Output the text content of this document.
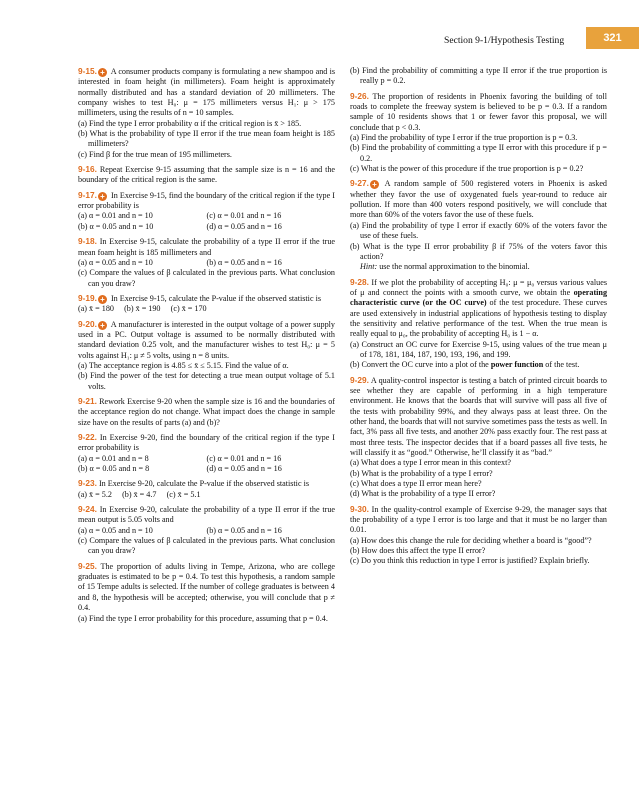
Section 9-1/Hypothesis Testing	321
9-15. + A consumer products company is formulating a new shampoo and is interested in foam height (in millimeters). Foam height is approximately normally distributed and has a standard deviation of 20 millimeters. The company wishes to test H₀: μ = 175 millimeters versus H₁: μ > 175 millimeters, using the results of n = 10 samples.
(a) Find the type I error probability α if the critical region is x̄ > 185.
(b) What is the probability of type II error if the true mean foam height is 185 millimeters?
(c) Find β for the true mean of 195 millimeters.
9-16. Repeat Exercise 9-15 assuming that the sample size is n = 16 and the boundary of the critical region is the same.
9-17. + In Exercise 9-15, find the boundary of the critical region if the type I error probability is
(a) α = 0.01 and n = 10	(c) α = 0.01 and n = 16
(b) α = 0.05 and n = 10	(d) α = 0.05 and n = 16
9-18. In Exercise 9-15, calculate the probability of a type II error if the true mean foam height is 185 millimeters and
(a) α = 0.05 and n = 10	(b) α = 0.05 and n = 16
(c) Compare the values of β calculated in the previous parts. What conclusion can you draw?
9-19. + In Exercise 9-15, calculate the P-value if the observed statistic is
(a) x̄ = 180     (b) x̄ = 190     (c) x̄ = 170
9-20. + A manufacturer is interested in the output voltage of a power supply used in a PC. Output voltage is assumed to be normally distributed with standard deviation 0.25 volt, and the manufacturer wishes to test H₀: μ = 5 volts against H₁: μ ≠ 5 volts, using n = 8 units.
(a) The acceptance region is 4.85 ≤ x̄ ≤ 5.15. Find the value of α.
(b) Find the power of the test for detecting a true mean output voltage of 5.1 volts.
9-21. Rework Exercise 9-20 when the sample size is 16 and the boundaries of the acceptance region do not change. What impact does the change in sample size have on the results of parts (a) and (b)?
9-22. In Exercise 9-20, find the boundary of the critical region if the type I error probability is
(a) α = 0.01 and n = 8	(c) α = 0.01 and n = 16
(b) α = 0.05 and n = 8	(d) α = 0.05 and n = 16
9-23. In Exercise 9-20, calculate the P-value if the observed statistic is
(a) x̄ = 5.2     (b) x̄ = 4.7     (c) x̄ = 5.1
9-24. In Exercise 9-20, calculate the probability of a type II error if the true mean output is 5.05 volts and
(a) α = 0.05 and n = 10	(b) α = 0.05 and n = 16
(c) Compare the values of β calculated in the previous parts. What conclusion can you draw?
9-25. The proportion of adults living in Tempe, Arizona, who are college graduates is estimated to be p = 0.4. To test this hypothesis, a random sample of 15 Tempe adults is selected. If the number of college graduates is between 4 and 8, the hypothesis will be accepted; otherwise, you will conclude that p ≠ 0.4.
(a) Find the type I error probability for this procedure, assuming that p = 0.4.
(b) Find the probability of committing a type II error if the true proportion is really p = 0.2.
9-26. The proportion of residents in Phoenix favoring the building of toll roads to complete the freeway system is believed to be p = 0.3. If a random sample of 10 residents shows that 1 or fewer favor this proposal, we will conclude that p < 0.3.
(a) Find the probability of type I error if the true proportion is p = 0.3.
(b) Find the probability of committing a type II error with this procedure if p = 0.2.
(c) What is the power of this procedure if the true proportion is p = 0.2?
9-27. + A random sample of 500 registered voters in Phoenix is asked whether they favor the use of oxygenated fuels year-round to reduce air pollution. If more than 400 voters respond positively, we will conclude that more than 60% of the voters favor the use of these fuels.
(a) Find the probability of type I error if exactly 60% of the voters favor the use of these fuels.
(b) What is the type II error probability β if 75% of the voters favor this action?
Hint: use the normal approximation to the binomial.
9-28. If we plot the probability of accepting H₀: μ = μ₀ versus various values of μ and connect the points with a smooth curve, we obtain the operating characteristic curve (or the OC curve) of the test procedure. These curves are used extensively in industrial applications of hypothesis testing to display the sensitivity and relative performance of the test. When the true mean is really equal to μ₀, the probability of accepting H₀ is 1 − α.
(a) Construct an OC curve for Exercise 9-15, using values of the true mean μ of 178, 181, 184, 187, 190, 193, 196, and 199.
(b) Convert the OC curve into a plot of the power function of the test.
9-29. A quality-control inspector is testing a batch of printed circuit boards to see whether they are capable of performing in a high temperature environment. He knows that the boards that will survive will pass all five of the tests with probability 99%, and they always pass at least three. On the other hand, the boards that will not survive sometimes pass the tests as well. In fact, 3% pass all five tests, and another 20% pass exactly four. The rest pass at most three tests. The inspector decides that if a board passes all five tests, he will classify it as “good.” Otherwise, he’ll classify it as “bad.”
(a) What does a type I error mean in this context?
(b) What is the probability of a type I error?
(c) What does a type II error mean here?
(d) What is the probability of a type II error?
9-30. In the quality-control example of Exercise 9-29, the manager says that the probability of a type I error is too large and that it must be no larger than 0.01.
(a) How does this change the rule for deciding whether a board is “good”?
(b) How does this affect the type II error?
(c) Do you think this reduction in type I error is justified? Explain briefly.
